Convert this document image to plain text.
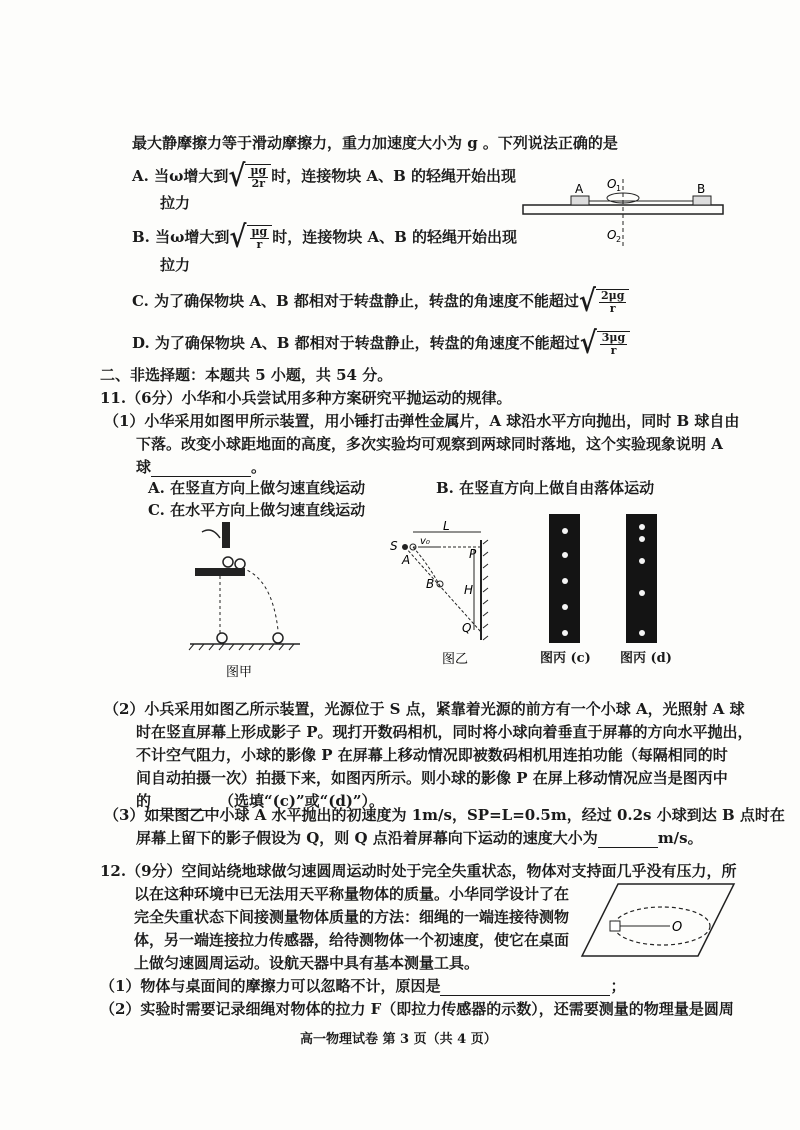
最大静摩擦力等于滑动摩擦力，重力加速度大小为 g 。下列说法正确的是
A. 当ω增大到 √ $\frac{\mu g}{2r}$ 时，连接物块 A、B 的轻绳开始出现
拉力
B. 当ω增大到 √ $\frac{\mu g}{r}$ 时，连接物块 A、B 的轻绳开始出现
拉力
C. 为了确保物块 A、B 都相对于转盘静止，转盘的角速度不能超过 √ $\frac{2\mu g}{r}$
D. 为了确保物块 A、B 都相对于转盘静止，转盘的角速度不能超过 √ $\frac{3\mu g}{r}$
A	B
O 1
O 2
二、非选择题：本题共 5 小题，共 54 分。
11.（6分）小华和小兵尝试用多种方案研究平抛运动的规律。
（1）小华采用如图甲所示装置，用小锤打击弹性金属片，A 球沿水平方向抛出，同时 B 球自由
下落。改变小球距地面的高度，多次实验均可观察到两球同时落地，这个实验现象说明 A
球	。
A. 在竖直方向上做匀速直线运动	B. 在竖直方向上做自由落体运动
C. 在水平方向上做匀速直线运动
图甲
S v₀
L
P
A
B H
Q
图乙	图丙 (c) 图丙 (d)
（2）小兵采用如图乙所示装置，光源位于 S 点，紧靠着光源的前方有一个小球 A，光照射 A 球
时在竖直屏幕上形成影子 P。现打开数码相机，同时将小球向着垂直于屏幕的方向水平抛出，
不计空气阻力，小球的影像 P 在屏幕上移动情况即被数码相机用连拍功能（每隔相同的时
间自动拍摄一次）拍摄下来，如图丙所示。则小球的影像 P 在屏上移动情况应当是图丙中
的	（选填“(c)”或“(d)”）。
（3）如果图乙中小球 A 水平抛出的初速度为 1m/s，SP=L=0.5m，经过 0.2s 小球到达 B 点时在
屏幕上留下的影子假设为 Q，则 Q 点沿着屏幕向下运动的速度大小为	m/s。
12.（9分）空间站绕地球做匀速圆周运动时处于完全失重状态，物体对支持面几乎没有压力，所
以在这种环境中已无法用天平称量物体的质量。小华同学设计了在
完全失重状态下间接测量物体质量的方法：细绳的一端连接待测物
体，另一端连接拉力传感器，给待测物体一个初速度，使它在桌面
上做匀速圆周运动。设航天器中具有基本测量工具。
O
（1）物体与桌面间的摩擦力可以忽略不计，原因是	；
（2）实验时需要记录细绳对物体的拉力 F（即拉力传感器的示数），还需要测量的物理量是圆周
高一物理试卷 第 3 页（共 4 页）
